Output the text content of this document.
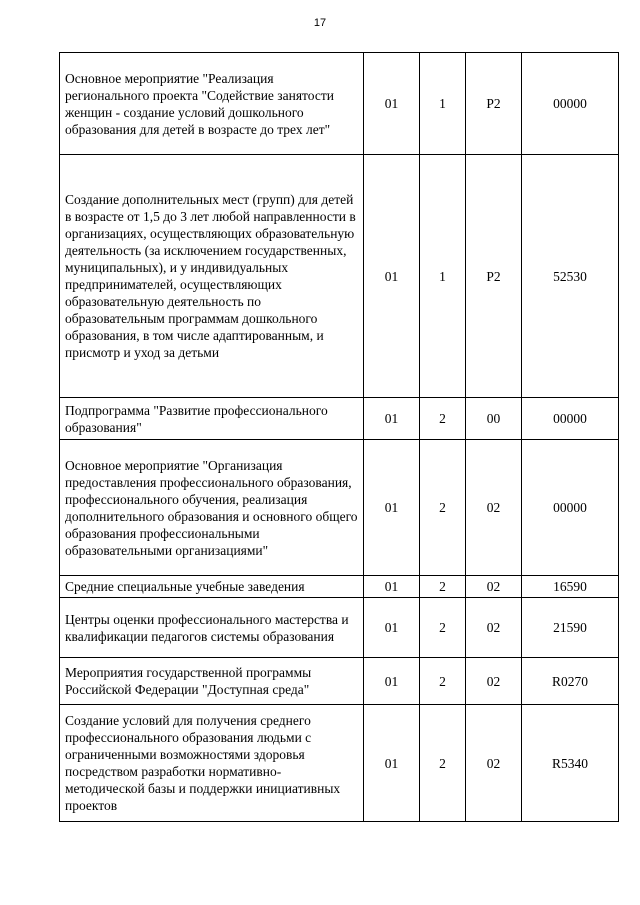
17
Основное мероприятие "Реализация регионального проекта "Содействие занятости женщин - создание условий дошкольного образования для детей в возрасте до трех лет"	01	1	Р2	00000
Создание дополнительных мест (групп) для детей в возрасте от 1,5 до 3 лет любой направленности в организациях, осуществляющих образовательную деятельность (за исключением государственных, муниципальных), и у индивидуальных предпринимателей, осуществляющих образовательную деятельность по образовательным программам дошкольного образования, в том числе адаптированным, и присмотр и уход за детьми	01	1	Р2	52530
Подпрограмма "Развитие профессионального образования"	01	2	00	00000
Основное мероприятие "Организация предоставления профессионального образования, профессионального обучения, реализация дополнительного образования и основного общего образования профессиональными образовательными организациями"	01	2	02	00000
Средние специальные учебные заведения	01	2	02	16590
Центры оценки профессионального мастерства и квалификации педагогов системы образования	01	2	02	21590
Мероприятия государственной программы Российской Федерации "Доступная среда"	01	2	02	R0270
Создание условий для получения среднего профессионального образования людьми с ограниченными возможностями здоровья посредством разработки нормативно-методической базы и поддержки инициативных проектов	01	2	02	R5340
